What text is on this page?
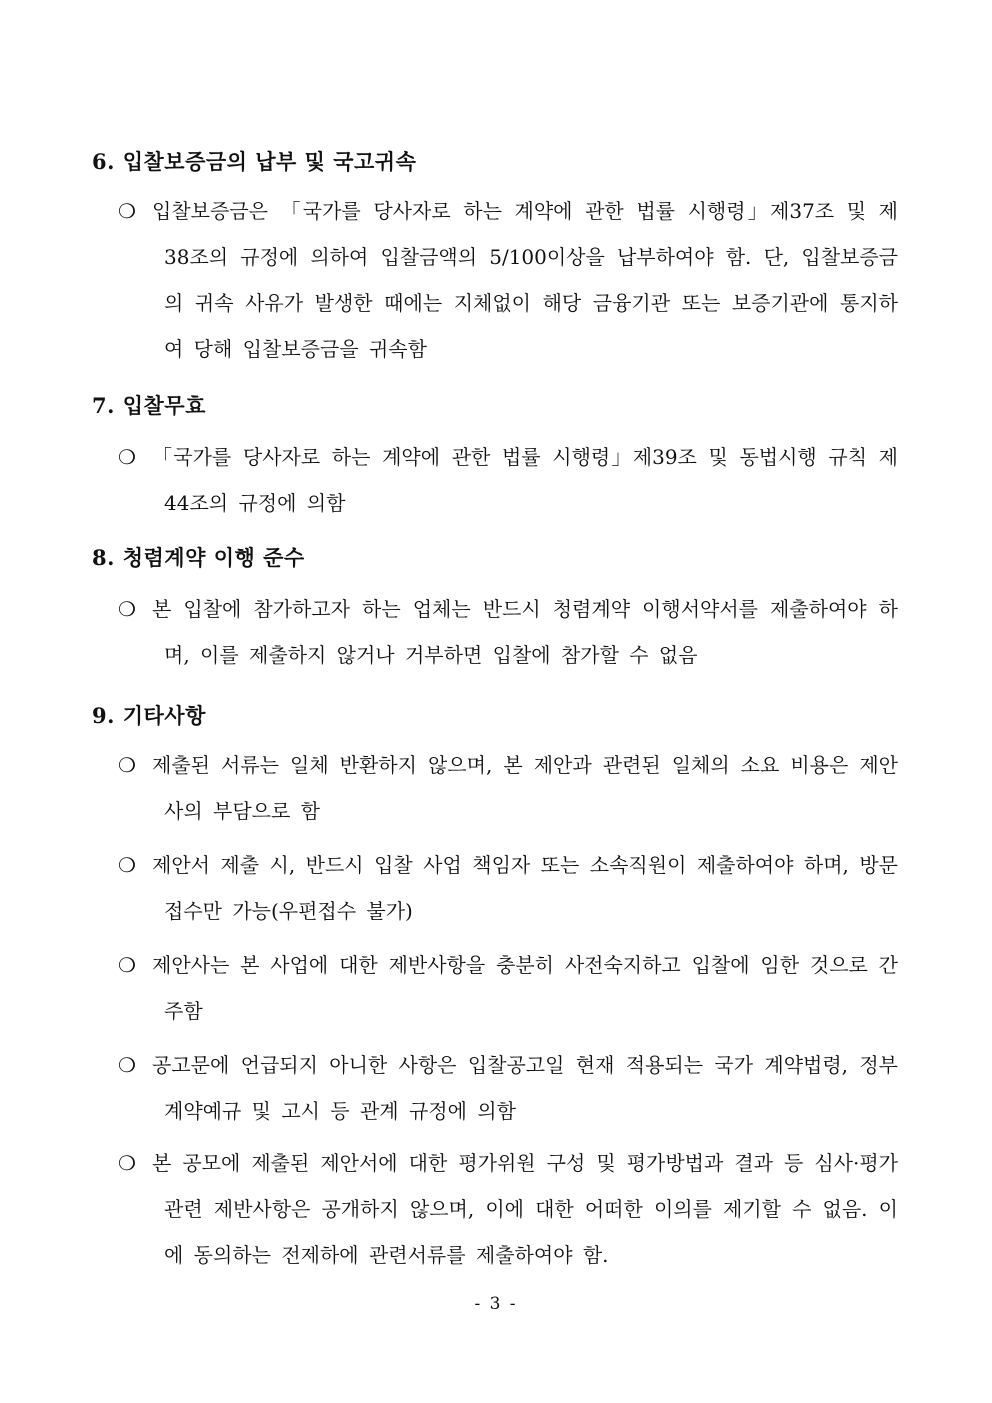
6. 입찰보증금의 납부 및 국고귀속
❍ 입찰보증금은 「국가를 당사자로 하는 계약에 관한 법률 시행령」제37조 및 제 38조의 규정에 의하여 입찰금액의 5/100이상을 납부하여야 함. 단, 입찰보증금의 귀속 사유가 발생한 때에는 지체없이 해당 금융기관 또는 보증기관에 통지하여 당해 입찰보증금을 귀속함
7. 입찰무효
❍ 「국가를 당사자로 하는 계약에 관한 법률 시행령」제39조 및 동법시행 규칙 제44조의 규정에 의함
8. 청렴계약 이행 준수
❍ 본 입찰에 참가하고자 하는 업체는 반드시 청렴계약 이행서약서를 제출하여야 하며, 이를 제출하지 않거나 거부하면 입찰에 참가할 수 없음
9. 기타사항
❍ 제출된 서류는 일체 반환하지 않으며, 본 제안과 관련된 일체의 소요 비용은 제안사의 부담으로 함
❍ 제안서 제출 시, 반드시 입찰 사업 책임자 또는 소속직원이 제출하여야 하며, 방문접수만 가능(우편접수 불가)
❍ 제안사는 본 사업에 대한 제반사항을 충분히 사전숙지하고 입찰에 임한 것으로 간주함
❍ 공고문에 언급되지 아니한 사항은 입찰공고일 현재 적용되는 국가 계약법령, 정부 계약예규 및 고시 등 관계 규정에 의함
❍ 본 공모에 제출된 제안서에 대한 평가위원 구성 및 평가방법과 결과 등 심사·평가관련 제반사항은 공개하지 않으며, 이에 대한 어떠한 이의를 제기할 수 없음. 이에 동의하는 전제하에 관련서류를 제출하여야 함.
- 3 -
